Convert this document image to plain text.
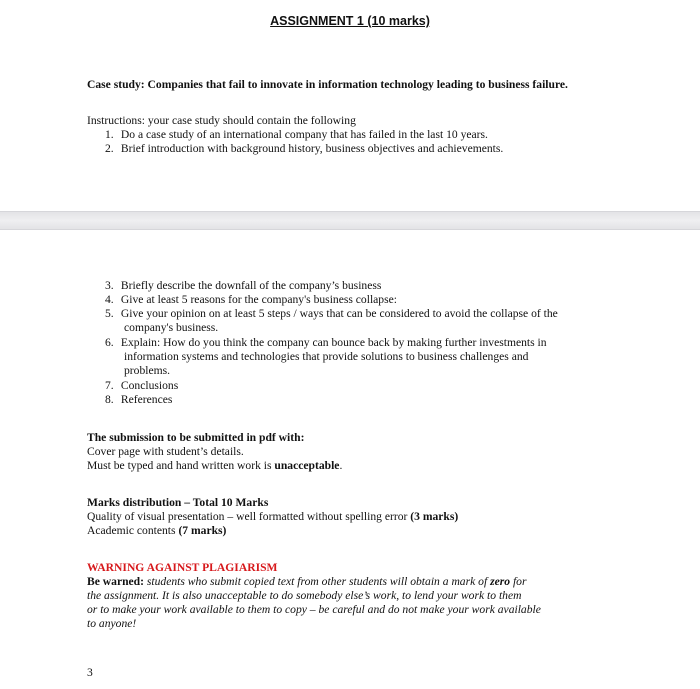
ASSIGNMENT 1 (10 marks)
Case study: Companies that fail to innovate in information technology leading to business failure.
Instructions: your case study should contain the following
1. Do a case study of an international company that has failed in the last 10 years.
2. Brief introduction with background history, business objectives and achievements.
3. Briefly describe the downfall of the company’s business
4. Give at least 5 reasons for the company's business collapse:
5. Give your opinion on at least 5 steps / ways that can be considered to avoid the collapse of the
company's business.
6. Explain: How do you think the company can bounce back by making further investments in
information systems and technologies that provide solutions to business challenges and
problems.
7. Conclusions
8. References
The submission to be submitted in pdf with:
Cover page with student’s details.
Must be typed and hand written work is unacceptable.
Marks distribution – Total 10 Marks
Quality of visual presentation – well formatted without spelling error (3 marks)
Academic contents (7 marks)
WARNING AGAINST PLAGIARISM
Be warned: students who submit copied text from other students will obtain a mark of zero for
the assignment. It is also unacceptable to do somebody else’s work, to lend your work to them
or to make your work available to them to copy – be careful and do not make your work available
to anyone!
3
